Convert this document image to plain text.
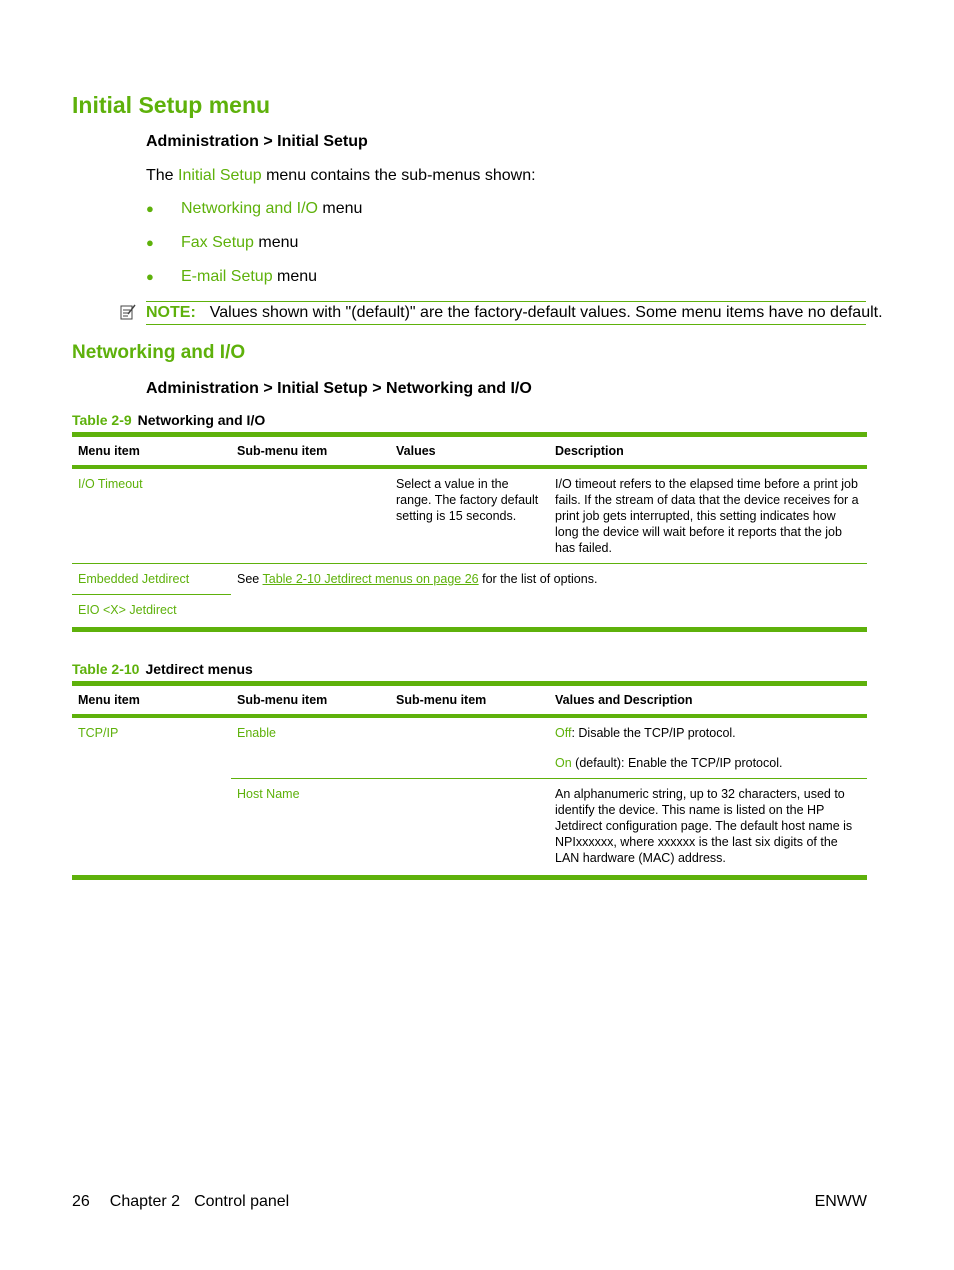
Initial Setup menu
Administration > Initial Setup
The Initial Setup menu contains the sub-menus shown:
● Networking and I/O menu
● Fax Setup menu
● E-mail Setup menu
NOTE: Values shown with "(default)" are the factory-default values. Some menu items have no default.
Networking and I/O
Administration > Initial Setup > Networking and I/O
Table 2-9 Networking and I/O
Menu item	Sub-menu item	Values	Description
I/O Timeout		Select a value in the range. The factory default setting is 15 seconds.	I/O timeout refers to the elapsed time before a print job fails. If the stream of data that the device receives for a print job gets interrupted, this setting indicates how long the device will wait before it reports that the job has failed.
Embedded Jetdirect	See Table 2-10 Jetdirect menus on page 26 for the list of options.		
EIO <X> Jetdirect			
Table 2-10 Jetdirect menus
Menu item	Sub-menu item	Sub-menu item	Values and Description
TCP/IP	Enable		Off: Disable the TCP/IP protocol.
On (default): Enable the TCP/IP protocol.

	Host Name		An alphanumeric string, up to 32 characters, used to identify the device. This name is listed on the HP Jetdirect configuration page. The default host name is NPIxxxxxx, where xxxxxx is the last six digits of the LAN hardware (MAC) address.
26 Chapter 2 Control panel	ENWW
